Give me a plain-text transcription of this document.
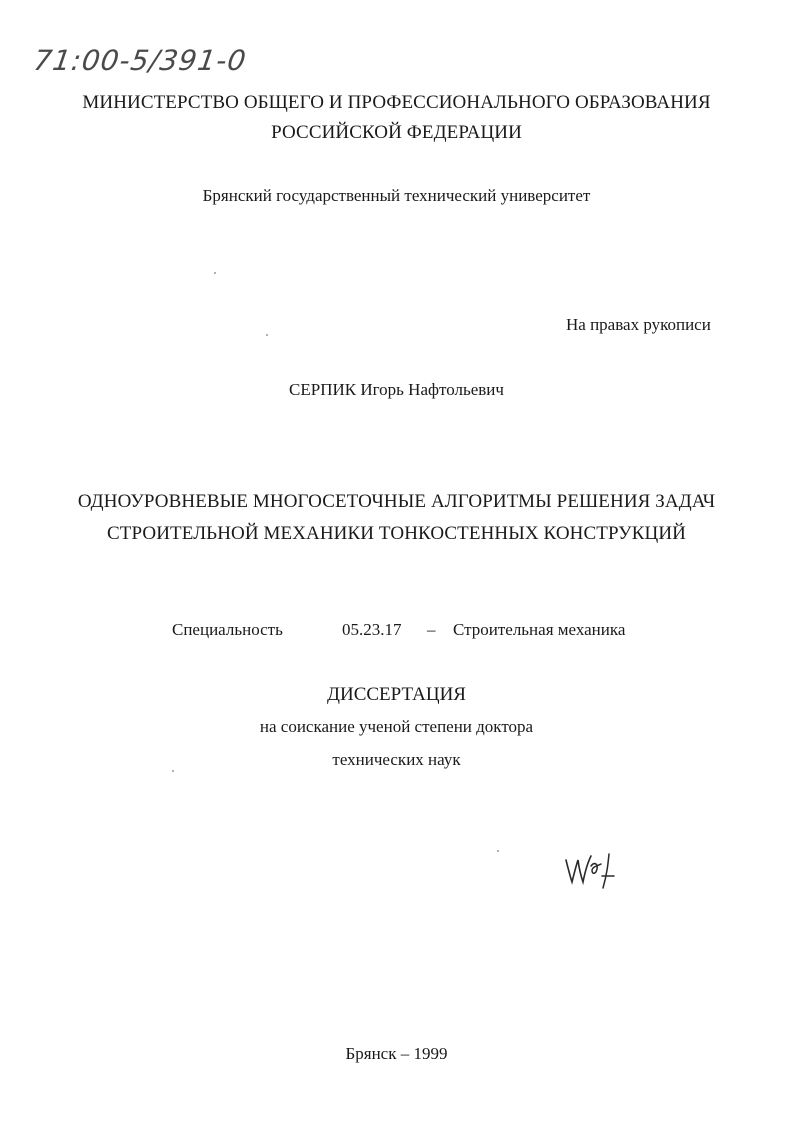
71:00-5/391-0
МИНИСТЕРСТВО ОБЩЕГО И ПРОФЕССИОНАЛЬНОГО ОБРАЗОВАНИЯ
РОССИЙСКОЙ ФЕДЕРАЦИИ
Брянский государственный технический университет
На правах рукописи
СЕРПИК Игорь Нафтольевич
ОДНОУРОВНЕВЫЕ МНОГОСЕТОЧНЫЕ АЛГОРИТМЫ РЕШЕНИЯ ЗАДАЧ
СТРОИТЕЛЬНОЙ МЕХАНИКИ ТОНКОСТЕННЫХ КОНСТРУКЦИЙ
Специальность	05.23.17 – Строительная механика
ДИССЕРТАЦИЯ
на соискание ученой степени доктора
технических наук
Брянск – 1999
